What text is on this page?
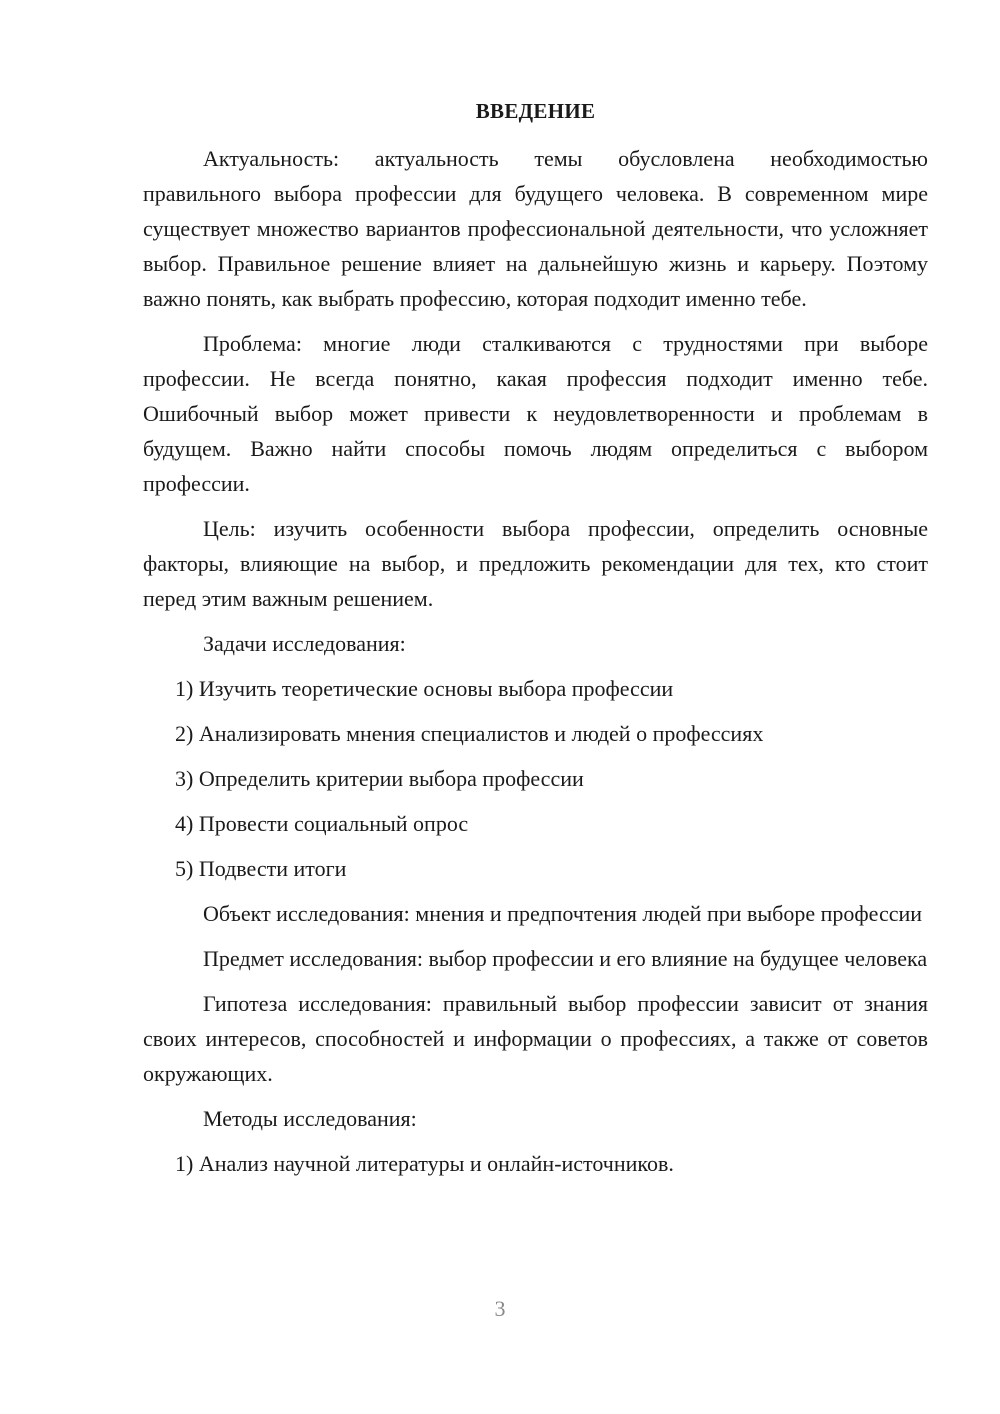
ВВЕДЕНИЕ

Актуальность: актуальность темы обусловлена необходимостью правильного выбора профессии для будущего человека. В современном мире существует множество вариантов профессиональной деятельности, что усложняет выбор. Правильное решение влияет на дальнейшую жизнь и карьеру. Поэтому важно понять, как выбрать профессию, которая подходит именно тебе.

Проблема: многие люди сталкиваются с трудностями при выборе профессии. Не всегда понятно, какая профессия подходит именно тебе. Ошибочный выбор может привести к неудовлетворенности и проблемам в будущем. Важно найти способы помочь людям определиться с выбором профессии.

Цель: изучить особенности выбора профессии, определить основные факторы, влияющие на выбор, и предложить рекомендации для тех, кто стоит перед этим важным решением.

Задачи исследования:

1) Изучить теоретические основы выбора профессии
2) Анализировать мнения специалистов и людей о профессиях
3) Определить критерии выбора профессии
4) Провести социальный опрос
5) Подвести итоги

Объект исследования: мнения и предпочтения людей при выборе профессии

Предмет исследования: выбор профессии и его влияние на будущее человека

Гипотеза исследования: правильный выбор профессии зависит от знания своих интересов, способностей и информации о профессиях, а также от советов окружающих.

Методы исследования:

1) Анализ научной литературы и онлайн-источников.
3
